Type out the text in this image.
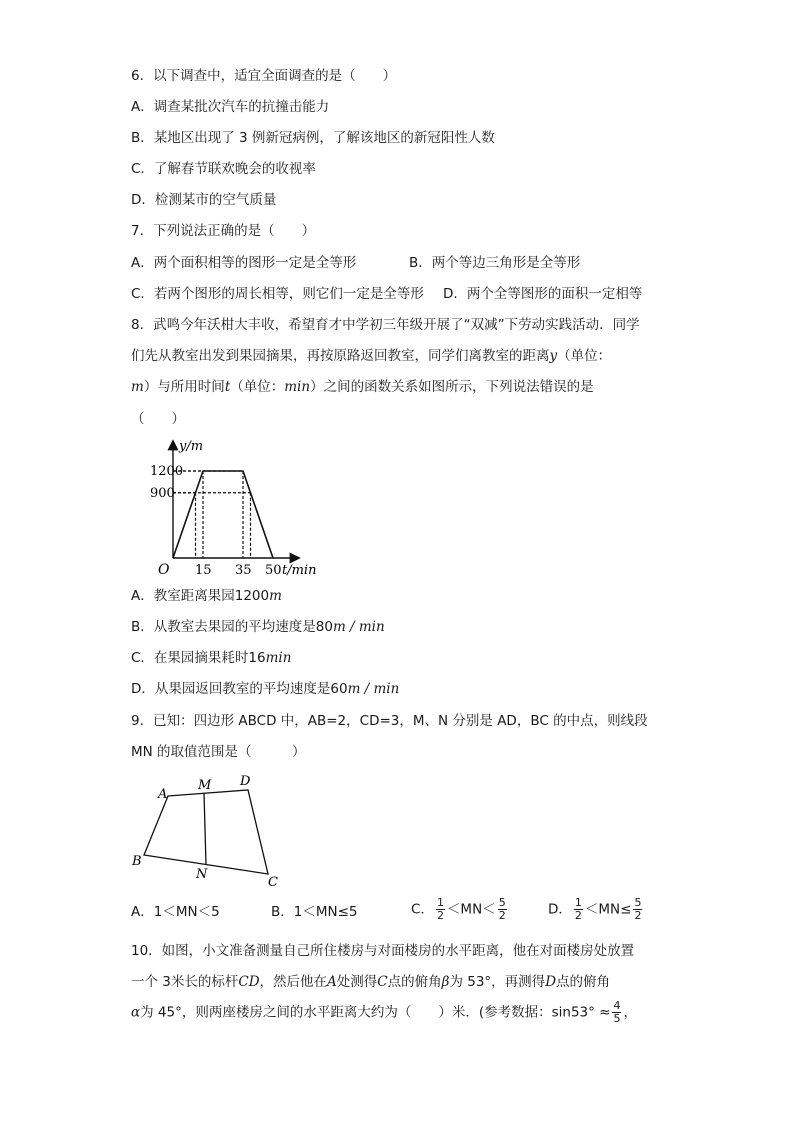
6．以下调查中，适宜全面调查的是（　　）
A．调查某批次汽车的抗撞击能力
B．某地区出现了 3 例新冠病例，了解该地区的新冠阳性人数
C．了解春节联欢晚会的收视率
D．检测某市的空气质量
7．下列说法正确的是（　　）
A．两个面积相等的图形一定是全等形	B．两个等边三角形是全等形
C．若两个图形的周长相等，则它们一定是全等形 D．两个全等图形的面积一定相等
8．武鸣今年沃柑大丰收，希望育才中学初三年级开展了“双减”下劳动实践活动．同学
们先从教室出发到果园摘果，再按原路返回教室，同学们离教室的距离y（单位：
m）与所用时间t（单位：min）之间的函数关系如图所示，下列说法错误的是
（　　）
15 35 50
1200
900
O
y/m
t/min
A．教室距离果园1200m
B．从教室去果园的平均速度是80m / min
C．在果园摘果耗时16min
D．从果园返回教室的平均速度是60m / min
9．已知：四边形 ABCD 中，AB=2，CD=3，M、N 分别是 AD，BC 的中点，则线段
MN 的取值范围是（　　　）
A
M D
B
N
C
A．1＜MN＜5	B．1＜MN≤5	C． $\frac{1}{2} <MN< \frac{5}{2}$	D． $\frac{1}{2} <MN\le \frac{5}{2}$
10．如图，小文准备测量自己所住楼房与对面楼房的水平距离，他在对面楼房处放置
一个 3米长的标杆CD，然后他在A处测得C点的俯角β为 53°，再测得D点的俯角
α为 45°，则两座楼房之间的水平距离大约为（　　）米．(参考数据：$\sin 53^\circ \approx \frac{4}{5}$ ，
